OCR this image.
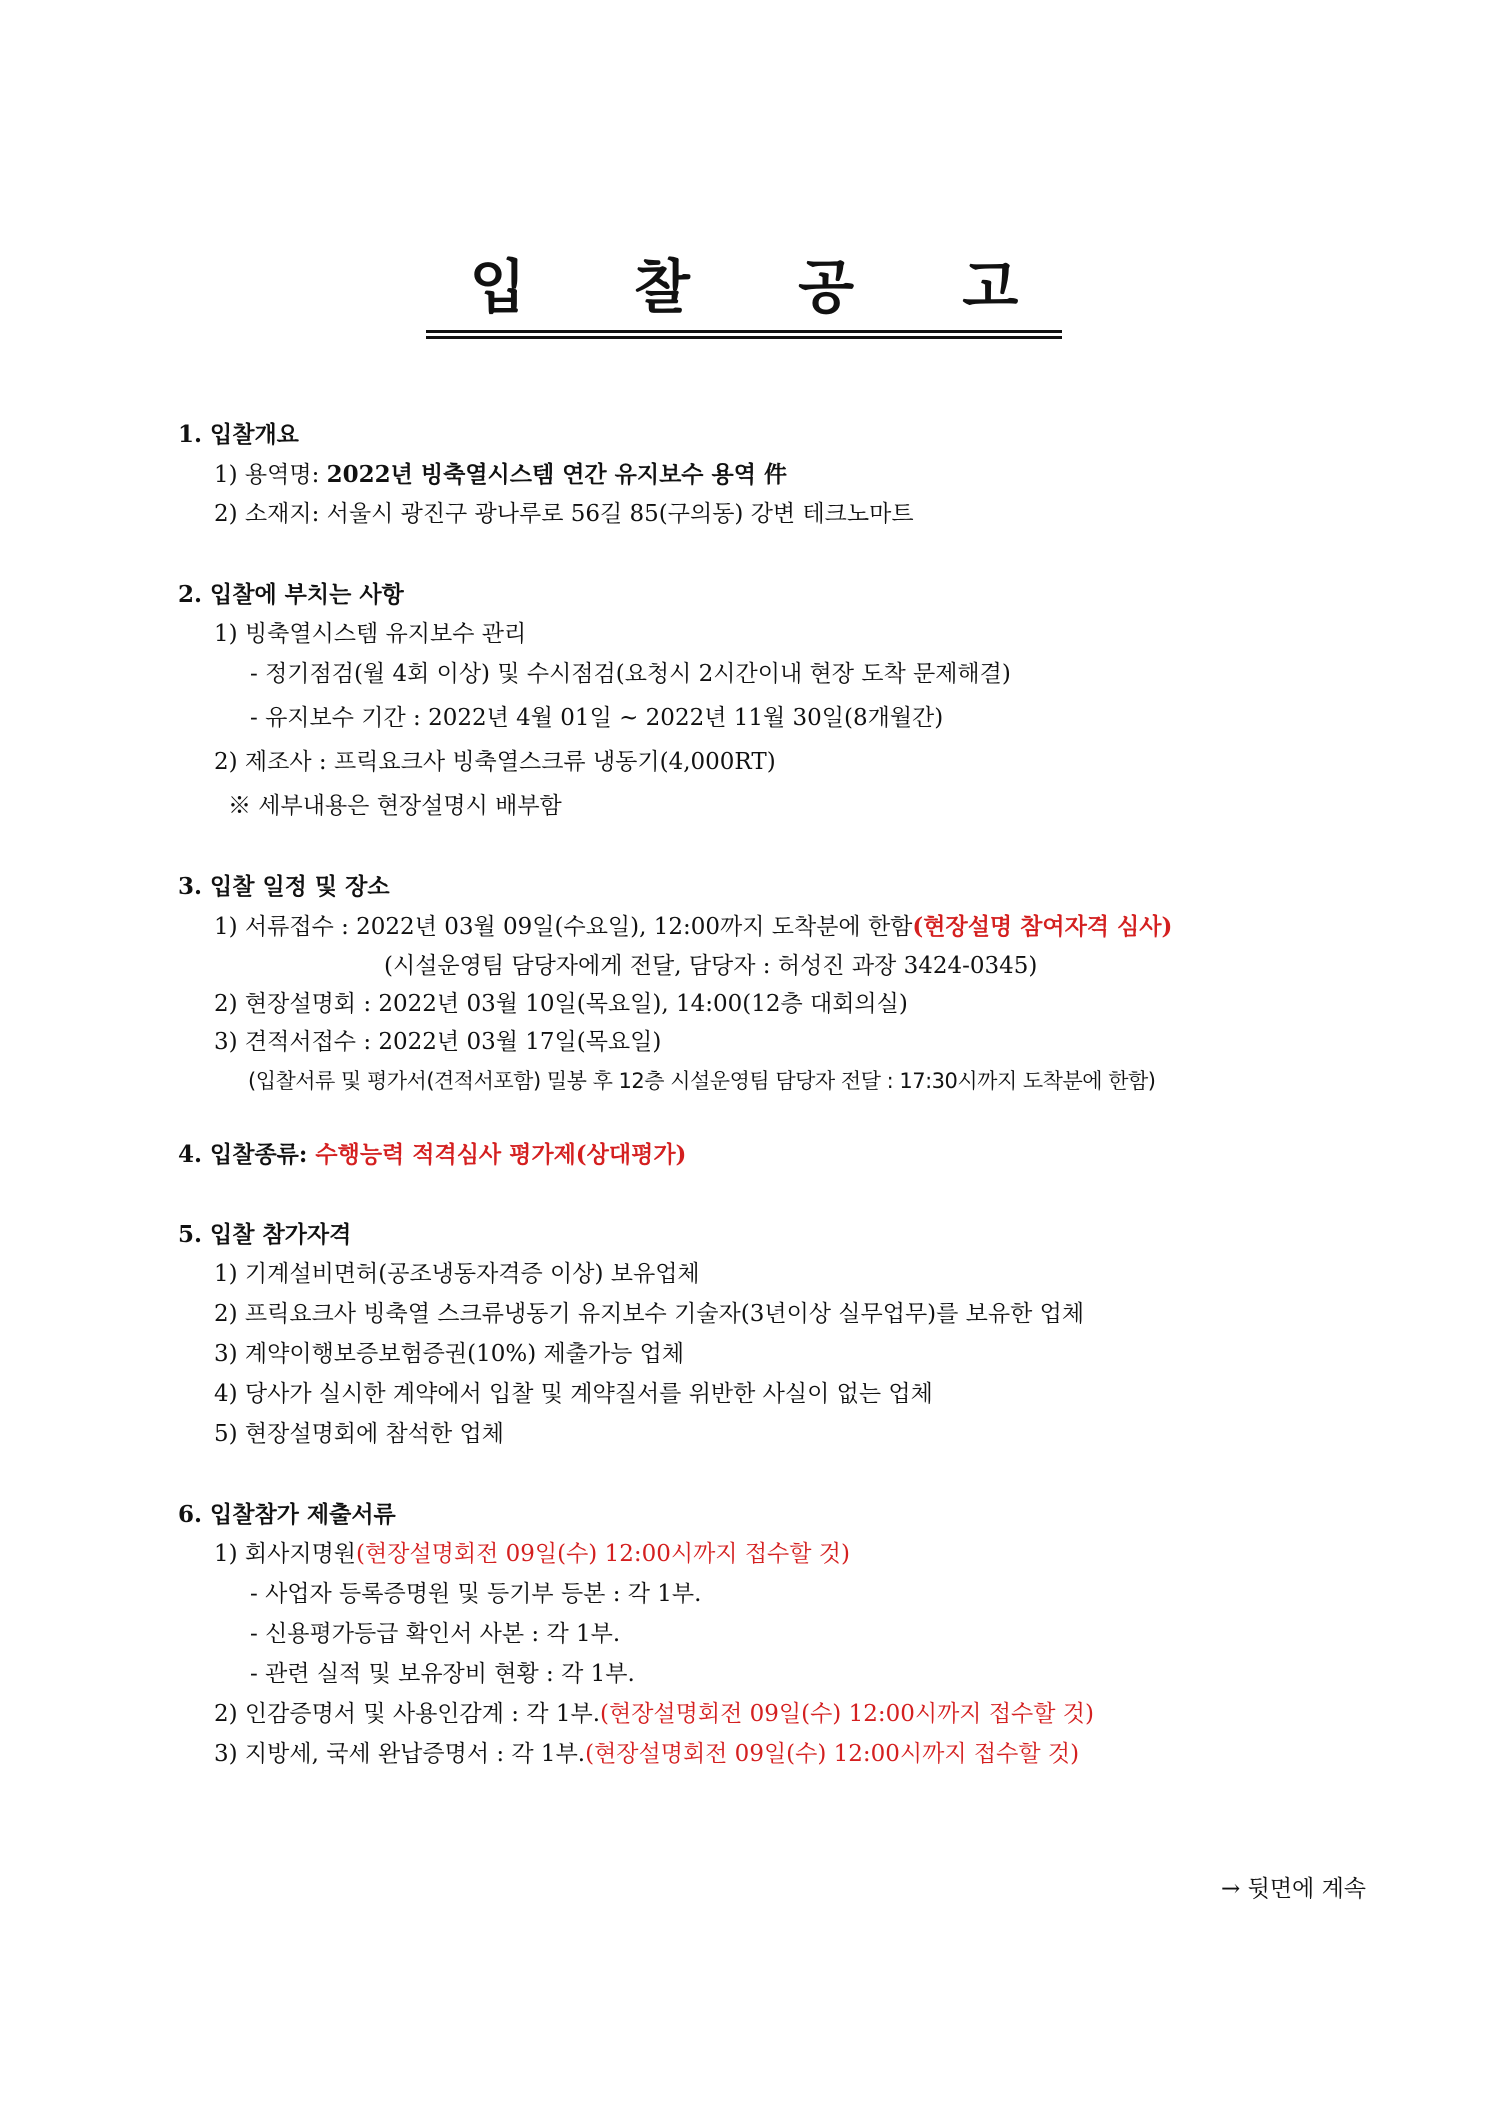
입 찰 공 고
1. 입찰개요
1) 용역명: 2022년 빙축열시스템 연간 유지보수 용역 件
2) 소재지: 서울시 광진구 광나루로 56길 85(구의동) 강변 테크노마트
2. 입찰에 부치는 사항
1) 빙축열시스템 유지보수 관리
- 정기점검(월 4회 이상) 및 수시점검(요청시 2시간이내 현장 도착 문제해결)
- 유지보수 기간 : 2022년 4월 01일 ~ 2022년 11월 30일(8개월간)
2) 제조사 : 프릭요크사 빙축열스크류 냉동기(4,000RT)
※ 세부내용은 현장설명시 배부함
3. 입찰 일정 및 장소
1) 서류접수 : 2022년 03월 09일(수요일), 12:00까지 도착분에 한함(현장설명 참여자격 심사)
(시설운영팀 담당자에게 전달, 담당자 : 허성진 과장 3424-0345)
2) 현장설명회 : 2022년 03월 10일(목요일), 14:00(12층 대회의실)
3) 견적서접수 : 2022년 03월 17일(목요일)
(입찰서류 및 평가서(견적서포함) 밀봉 후 12층 시설운영팀 담당자 전달 : 17:30시까지 도착분에 한함)
4. 입찰종류: 수행능력 적격심사 평가제(상대평가)
5. 입찰 참가자격
1) 기계설비면허(공조냉동자격증 이상) 보유업체
2) 프릭요크사 빙축열 스크류냉동기 유지보수 기술자(3년이상 실무업무)를 보유한 업체
3) 계약이행보증보험증권(10%) 제출가능 업체
4) 당사가 실시한 계약에서 입찰 및 계약질서를 위반한 사실이 없는 업체
5) 현장설명회에 참석한 업체
6. 입찰참가 제출서류
1) 회사지명원(현장설명회전 09일(수) 12:00시까지 접수할 것)
- 사업자 등록증명원 및 등기부 등본 : 각 1부.
- 신용평가등급 확인서 사본 : 각 1부.
- 관련 실적 및 보유장비 현황 : 각 1부.
2) 인감증명서 및 사용인감계 : 각 1부.(현장설명회전 09일(수) 12:00시까지 접수할 것)
3) 지방세, 국세 완납증명서 : 각 1부.(현장설명회전 09일(수) 12:00시까지 접수할 것)
→ 뒷면에 계속
